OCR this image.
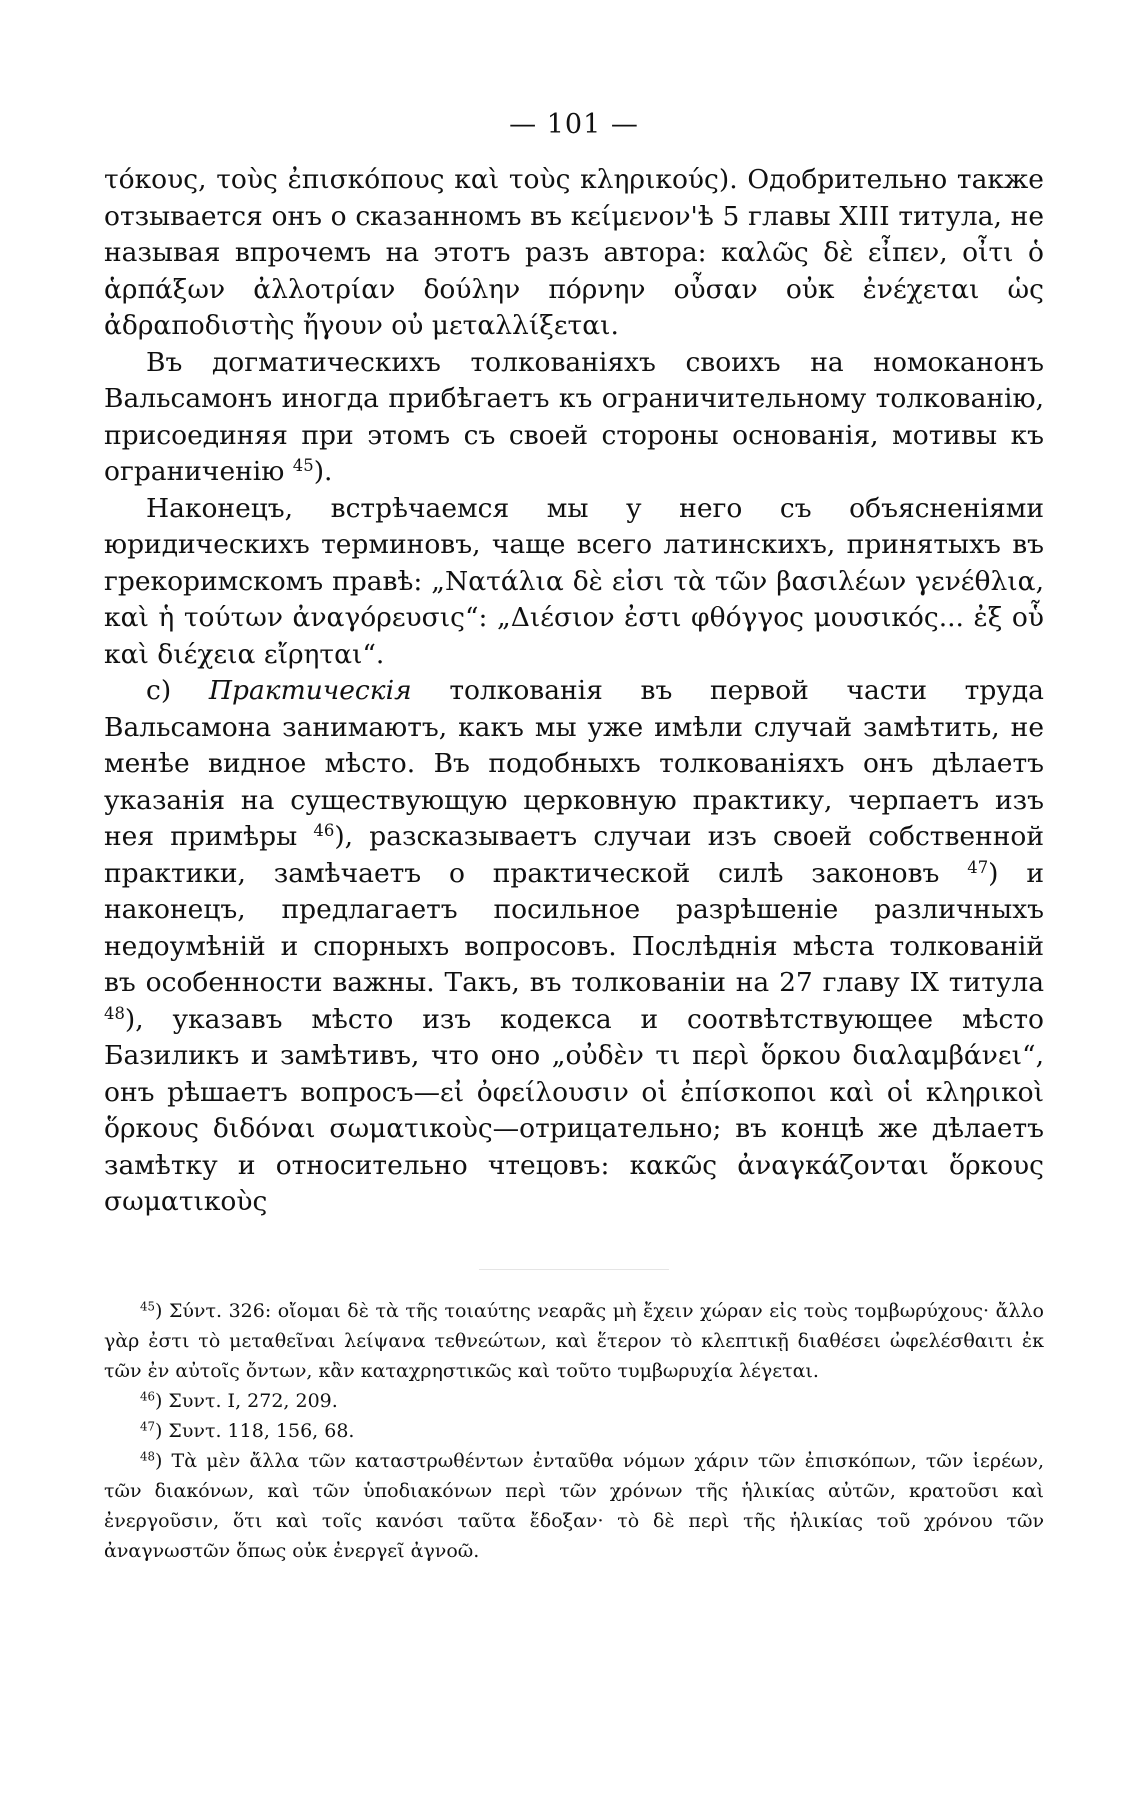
— 101 —

τόκους, τοὺς ἐπισκόπους καὶ τοὺς κληρικούς). Одобрительно также отзывается онъ о сказанномъ въ κείμενον'ѣ 5 главы XIII титула, не называя впрочемъ на этотъ разъ автора: καλῶς δὲ εἶπεν, οἶτι ὁ ἁρπάξων ἀλλοτρίαν δούλην πόρνην οὖσαν οὐκ ἐνέχεται ὡς ἀδραποδιστὴς ἤγουν οὐ μεταλλίξεται.

Въ догматическихъ толкованіяхъ своихъ на номоканонъ Вальсамонъ иногда прибѣгаетъ къ ограничительному толкованію, присоединяя при этомъ съ своей стороны основанія, мотивы къ ограниченію $^{45}$).

Наконецъ, встрѣчаемся мы у него съ объясненіями юридическихъ терминовъ, чаще всего латинскихъ, принятыхъ въ грекоримскомъ правѣ: „Νατάλια δὲ εἰσι τὰ τῶν βασιλέων γενέθλια, καὶ ἡ τούτων ἀναγόρευσις“: „Διέσιον ἐστι φθόγγος μουσικός... ἐξ οὗ καὶ διέχεια εἴρηται“.

с) Практическія толкованія въ первой части труда Вальсамона занимаютъ, какъ мы уже имѣли случай замѣтить, не менѣе видное мѣсто. Въ подобныхъ толкованіяхъ онъ дѣлаетъ указанія на существующую церковную практику, черпаетъ изъ нея примѣры $^{46}$), разсказываетъ случаи изъ своей собственной практики, замѣчаетъ о практической силѣ законовъ $^{47}$) и наконецъ, предлагаетъ посильное разрѣшеніе различныхъ недоумѣній и спорныхъ вопросовъ. Послѣднія мѣста толкованій въ особенности важны. Такъ, въ толкованіи на 27 главу IX титула $^{48}$), указавъ мѣсто изъ кодекса и соотвѣтствующее мѣсто Базиликъ и замѣтивъ, что оно „οὐδὲν τι περὶ ὅρκου διαλαμβάνει“, онъ рѣшаетъ вопросъ—εἰ ὀφείλουσιν οἱ ἐπίσκοποι καὶ οἱ κληρικοὶ ὅρκους διδόναι σωματικοὺς—отрицательно; въ концѣ же дѣлаетъ замѣтку и относительно чтецовъ: κακῶς ἀναγκάζονται ὅρκους σωματικοὺς

$^{45}$) Σύντ. 326: οἴομαι δὲ τὰ τῆς τοιαύτης νεαρᾶς μὴ ἔχειν χώραν εἰς τοὺς τομβωρύχους· ἄλλο γὰρ ἐστι τὸ μεταθεῖναι λείψανα τεθνεώτων, καὶ ἕτερον τὸ κλεπτικῇ διαθέσει ὠφελέσθαιτι ἐκ τῶν ἐν αὐτοῖς ὄντων, κἂν καταχρηστικῶς καὶ τοῦτο τυμβωρυχία λέγεται.

$^{46}$) Συντ. I, 272, 209.

$^{47}$) Συντ. 118, 156, 68.

$^{48}$) Τὰ μὲν ἄλλα τῶν καταστρωθέντων ἐνταῦθα νόμων χάριν τῶν ἐπισκόπων, τῶν ἱερέων, τῶν διακόνων, καὶ τῶν ὑποδιακόνων περὶ τῶν χρόνων τῆς ἡλικίας αὐτῶν, κρατοῦσι καὶ ἐνεργοῦσιν, ὅτι καὶ τοῖς κανόσι ταῦτα ἔδοξαν· τὸ δὲ περὶ τῆς ἡλικίας τοῦ χρόνου τῶν ἀναγνωστῶν ὅπως οὐκ ἐνεργεῖ ἀγνοῶ.
